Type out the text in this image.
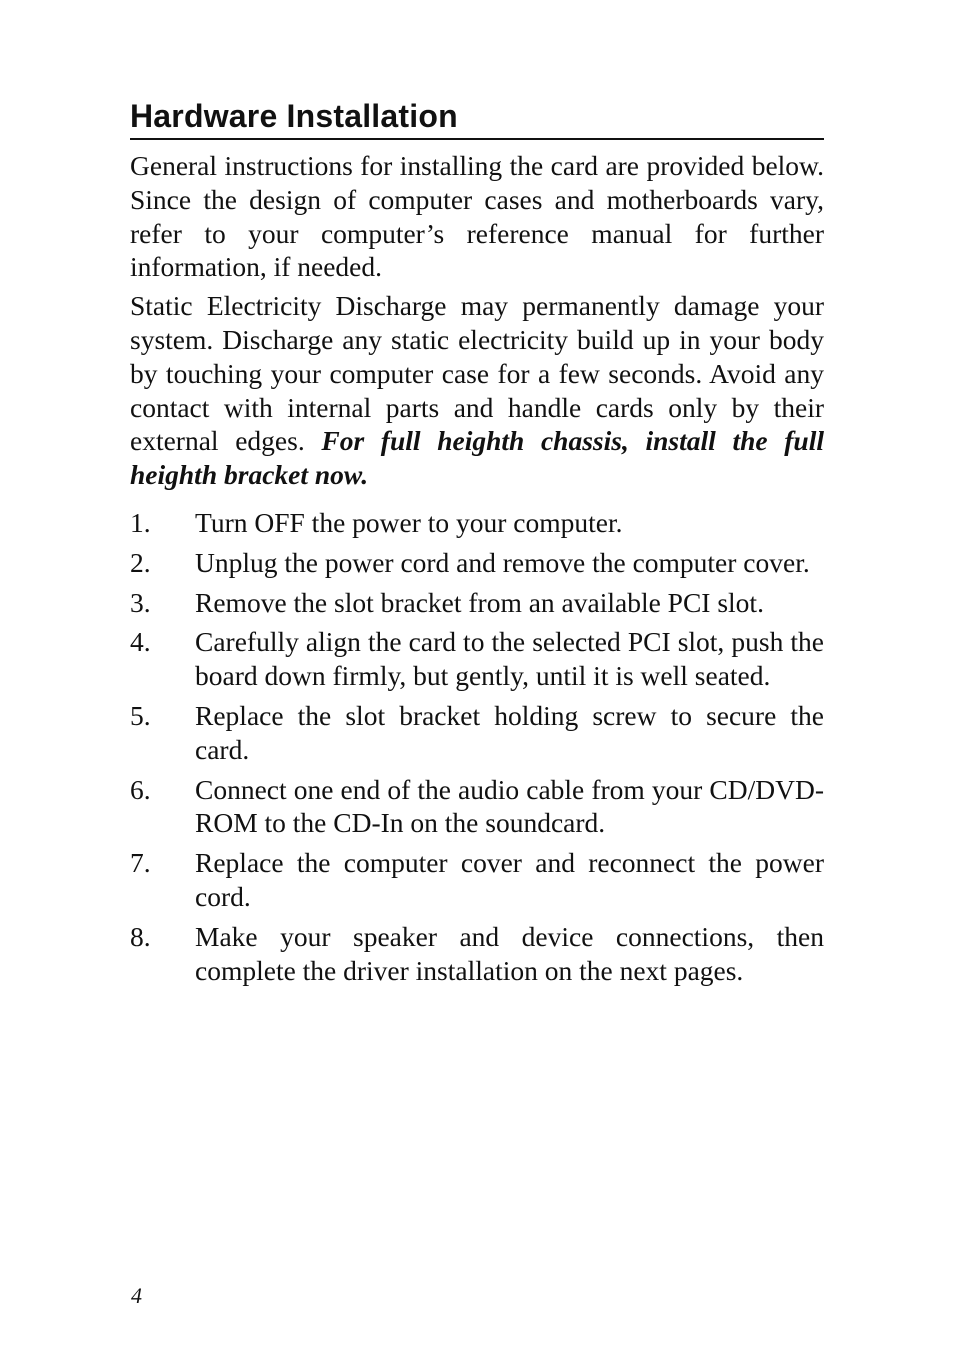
Hardware Installation

General instructions for installing the card are provided below. Since the design of computer cases and motherboards vary, refer to your computer’s reference manual for further information, if needed.

Static Electricity Discharge may permanently damage your system. Discharge any static electricity build up in your body by touching your computer case for a few seconds. Avoid any contact with internal parts and handle cards only by their external edges. For full heighth chassis, install the full heighth bracket now.

1.	Turn OFF the power to your computer.
2.	Unplug the power cord and remove the computer cover.
3.	Remove the slot bracket from an available PCI slot.
4.	Carefully align the card to the selected PCI slot, push the board down firmly, but gently, until it is well seated.
5.	Replace the slot bracket holding screw to secure the card.
6.	Connect one end of the audio cable from your CD/DVD-ROM to the CD-In on the soundcard.
7.	Replace the computer cover and reconnect the power cord.
8.	Make your speaker and device connections, then complete the driver installation on the next pages.
4
